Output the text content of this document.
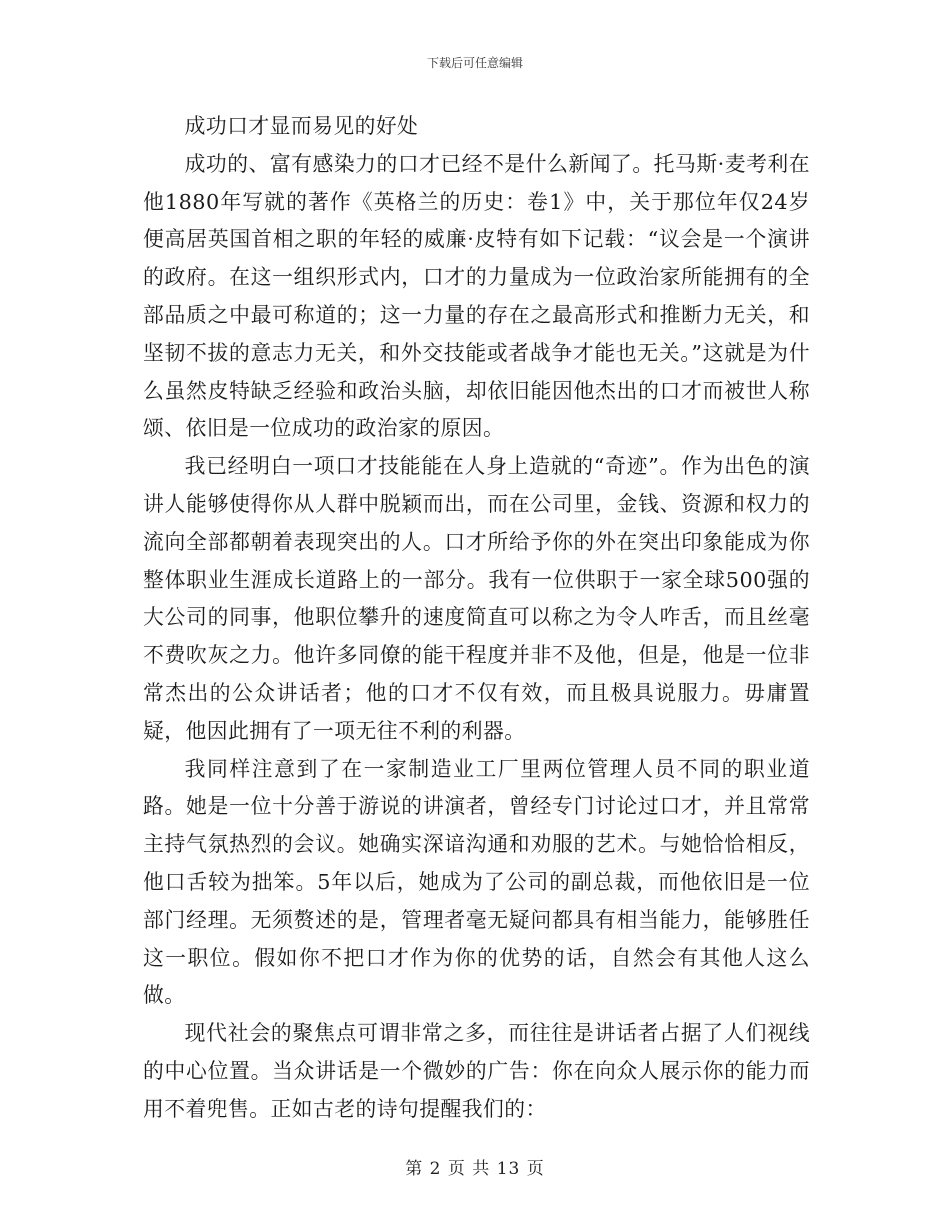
下载后可任意编辑

成功口才显而易见的好处

成功的、富有感染力的口才已经不是什么新闻了。托马斯·麦考利在他1880年写就的著作《英格兰的历史：卷1》中，关于那位年仅24岁便高居英国首相之职的年轻的威廉·皮特有如下记载：“议会是一个演讲的政府。在这一组织形式内，口才的力量成为一位政治家所能拥有的全部品质之中最可称道的；这一力量的存在之最高形式和推断力无关，和坚韧不拔的意志力无关，和外交技能或者战争才能也无关。”这就是为什么虽然皮特缺乏经验和政治头脑，却依旧能因他杰出的口才而被世人称颂、依旧是一位成功的政治家的原因。

我已经明白一项口才技能能在人身上造就的“奇迹”。作为出色的演讲人能够使得你从人群中脱颖而出，而在公司里，金钱、资源和权力的流向全部都朝着表现突出的人。口才所给予你的外在突出印象能成为你整体职业生涯成长道路上的一部分。我有一位供职于一家全球500强的大公司的同事，他职位攀升的速度简直可以称之为令人咋舌，而且丝毫不费吹灰之力。他许多同僚的能干程度并非不及他，但是，他是一位非常杰出的公众讲话者；他的口才不仅有效，而且极具说服力。毋庸置疑，他因此拥有了一项无往不利的利器。

我同样注意到了在一家制造业工厂里两位管理人员不同的职业道路。她是一位十分善于游说的讲演者，曾经专门讨论过口才，并且常常主持气氛热烈的会议。她确实深谙沟通和劝服的艺术。与她恰恰相反，他口舌较为拙笨。5年以后，她成为了公司的副总裁，而他依旧是一位部门经理。无须赘述的是，管理者毫无疑问都具有相当能力，能够胜任这一职位。假如你不把口才作为你的优势的话，自然会有其他人这么做。

现代社会的聚焦点可谓非常之多，而往往是讲话者占据了人们视线的中心位置。当众讲话是一个微妙的广告：你在向众人展示你的能力而用不着兜售。正如古老的诗句提醒我们的：

第 2 页 共 13 页
